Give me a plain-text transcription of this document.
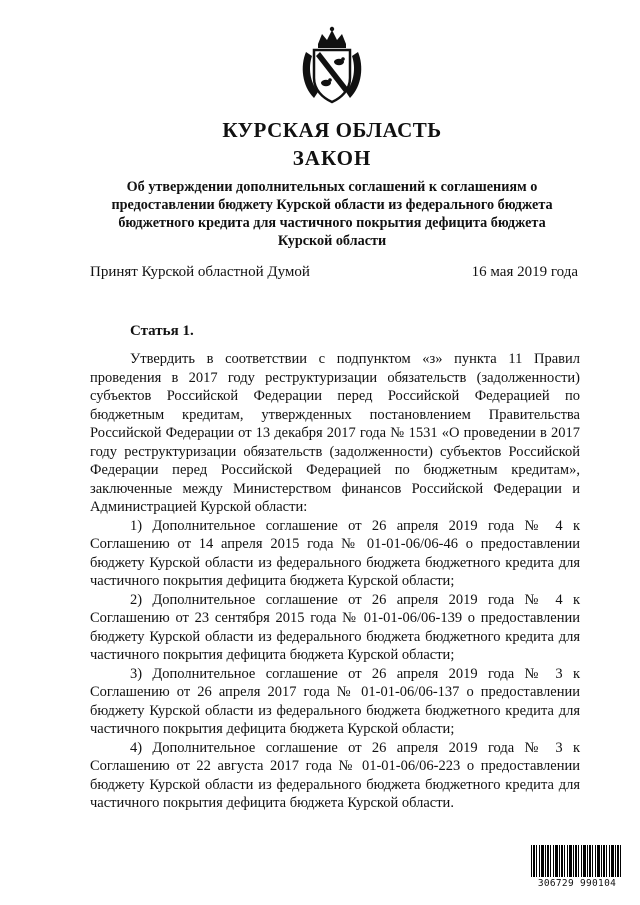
КУРСКАЯ ОБЛАСТЬ
ЗАКОН
Об утверждении дополнительных соглашений к соглашениям о предоставлении бюджету Курской области из федерального бюджета бюджетного кредита для частичного покрытия дефицита бюджета Курской области
Принят Курской областной Думой	16 мая 2019 года
Статья 1.

Утвердить в соответствии с подпунктом «з» пункта 11 Правил проведения в 2017 году реструктуризации обязательств (задолженности) субъектов Российской Федерации перед Российской Федерацией по бюджетным кредитам, утвержденных постановлением Правительства Российской Федерации от 13 декабря 2017 года № 1531 «О проведении в 2017 году реструктуризации обязательств (задолженности) субъектов Российской Федерации перед Российской Федерацией по бюджетным кредитам», заключенные между Министерством финансов Российской Федерации и Администрацией Курской области:

1) Дополнительное соглашение от 26 апреля 2019 года № 4 к Соглашению от 14 апреля 2015 года № 01-01-06/06-46 о предоставлении бюджету Курской области из федерального бюджета бюджетного кредита для частичного покрытия дефицита бюджета Курской области;

2) Дополнительное соглашение от 26 апреля 2019 года № 4 к Соглашению от 23 сентября 2015 года № 01-01-06/06-139 о предоставлении бюджету Курской области из федерального бюджета бюджетного кредита для частичного покрытия дефицита бюджета Курской области;

3) Дополнительное соглашение от 26 апреля 2019 года № 3 к Соглашению от 26 апреля 2017 года № 01-01-06/06-137 о предоставлении бюджету Курской области из федерального бюджета бюджетного кредита для частичного покрытия дефицита бюджета Курской области;

4) Дополнительное соглашение от 26 апреля 2019 года № 3 к Соглашению от 22 августа 2017 года № 01-01-06/06-223 о предоставлении бюджету Курской области из федерального бюджета бюджетного кредита для частичного покрытия дефицита бюджета Курской области.

306729 990104
